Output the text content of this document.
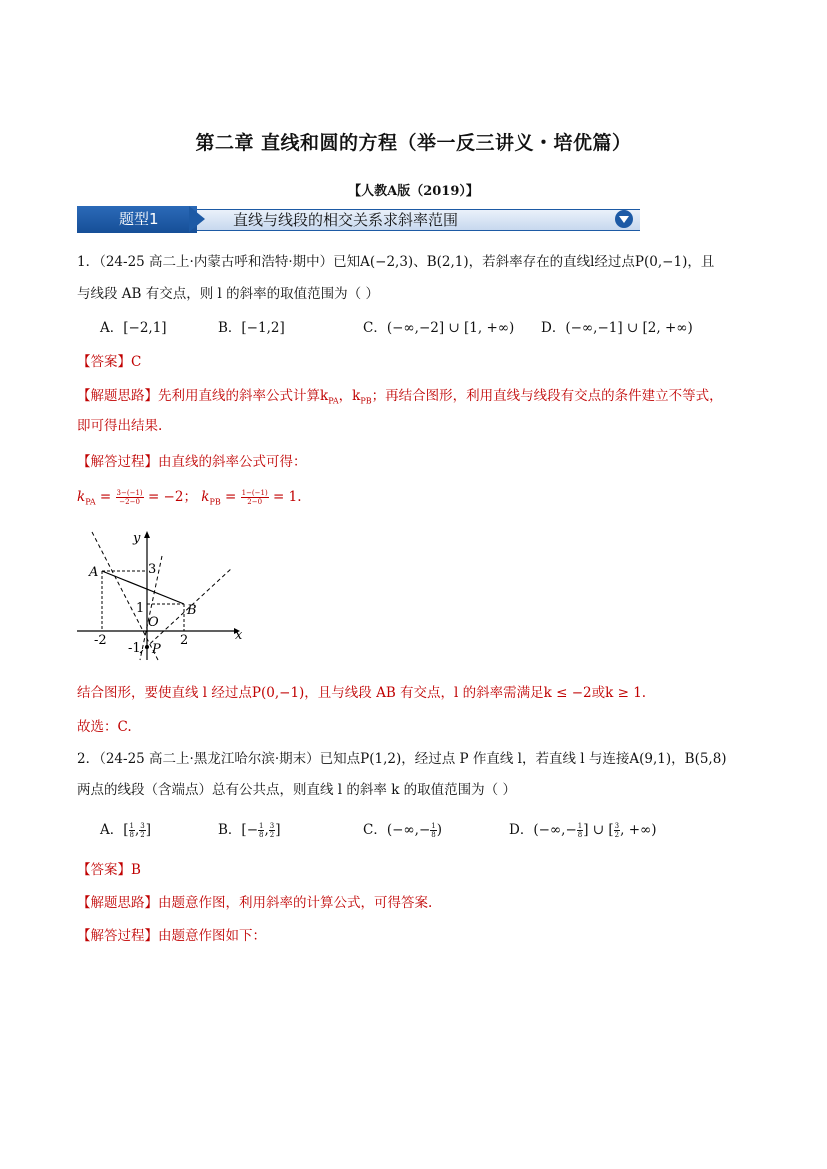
第二章 直线和圆的方程（举一反三讲义・培优篇）
【人教A版（2019）】
题型1	直线与线段的相交关系求斜率范围
1．（24-25 高二上·内蒙古呼和浩特·期中）已知A(−2,3)、B(2,1)，若斜率存在的直线l经过点P(0,−1)，且
与线段 AB 有交点，则 l 的斜率的取值范围为（ ）
A．[−2,1]	B．[−1,2]	C．(−∞,−2] ∪ [1, +∞) D．(−∞,−1] ∪ [2, +∞)
【答案】C
【解题思路】先利用直线的斜率公式计算$k_{PA}$，$k_{PB}$；再结合图形，利用直线与线段有交点的条件建立不等式，
即可得出结果.
【解答过程】由直线的斜率公式可得：
$k_{PA} = \frac{3-(-1)}{-2-0} = -2$； $k_{PB} = \frac{1-(-1)}{2-0} = 1$.
y
x
A
B
O
P
3
1
-2	2
-1
结合图形，要使直线 l 经过点P(0,−1)，且与线段 AB 有交点，l 的斜率需满足k ≤ −2或k ≥ 1.
故选：C.
2．（24-25 高二上·黑龙江哈尔滨·期末）已知点P(1,2)，经过点 P 作直线 l，若直线 l 与连接A(9,1)，B(5,8)
两点的线段（含端点）总有公共点，则直线 l 的斜率 k 的取值范围为（ ）
A．[ $\frac{1}{8}$ , $\frac{3}{2}$ ]	B．[− $\frac{1}{8}$ , $\frac{3}{2}$ ]	C．(−∞,− $\frac{1}{8}$ )	D．(−∞,− $\frac{1}{8}$ ] ∪ [ $\frac{3}{2}$ , +∞)
【答案】B
【解题思路】由题意作图，利用斜率的计算公式，可得答案.
【解答过程】由题意作图如下：
